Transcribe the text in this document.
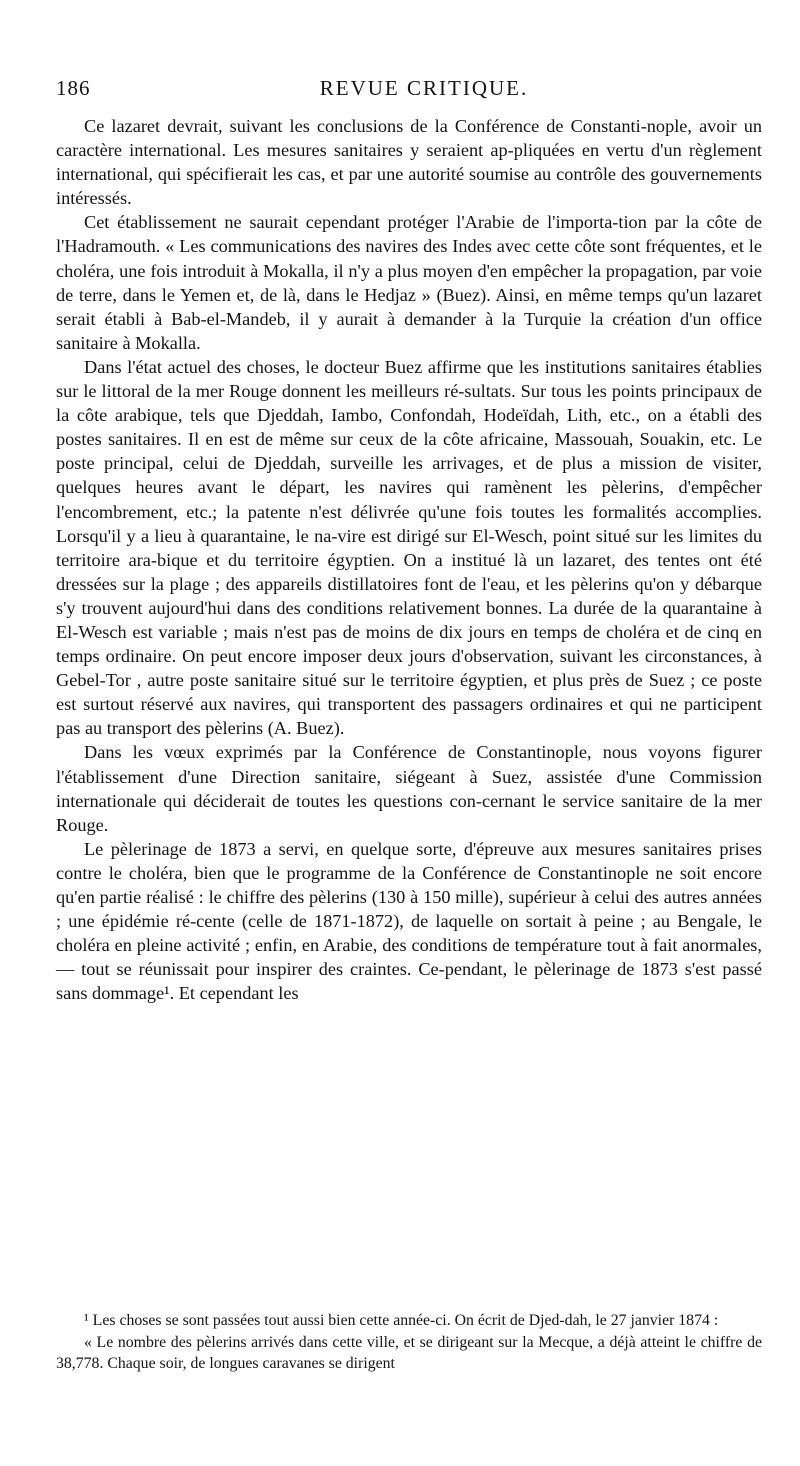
186	REVUE CRITIQUE.

Ce lazaret devrait, suivant les conclusions de la Conférence de Constanti-nople, avoir un caractère international. Les mesures sanitaires y seraient ap-pliquées en vertu d'un règlement international, qui spécifierait les cas, et par une autorité soumise au contrôle des gouvernements intéressés.

Cet établissement ne saurait cependant protéger l'Arabie de l'importa-tion par la côte de l'Hadramouth. « Les communications des navires des Indes avec cette côte sont fréquentes, et le choléra, une fois introduit à Mokalla, il n'y a plus moyen d'en empêcher la propagation, par voie de terre, dans le Yemen et, de là, dans le Hedjaz » (Buez). Ainsi, en même temps qu'un lazaret serait établi à Bab-el-Mandeb, il y aurait à demander à la Turquie la création d'un office sanitaire à Mokalla.

Dans l'état actuel des choses, le docteur Buez affirme que les institutions sanitaires établies sur le littoral de la mer Rouge donnent les meilleurs ré-sultats. Sur tous les points principaux de la côte arabique, tels que Djeddah, Iambo, Confondah, Hodeïdah, Lith, etc., on a établi des postes sanitaires. Il en est de même sur ceux de la côte africaine, Massouah, Souakin, etc. Le poste principal, celui de Djeddah, surveille les arrivages, et de plus a mission de visiter, quelques heures avant le départ, les navires qui ramènent les pèlerins, d'empêcher l'encombrement, etc.; la patente n'est délivrée qu'une fois toutes les formalités accomplies. Lorsqu'il y a lieu à quarantaine, le na-vire est dirigé sur El-Wesch, point situé sur les limites du territoire ara-bique et du territoire égyptien. On a institué là un lazaret, des tentes ont été dressées sur la plage ; des appareils distillatoires font de l'eau, et les pèlerins qu'on y débarque s'y trouvent aujourd'hui dans des conditions relativement bonnes. La durée de la quarantaine à El-Wesch est variable ; mais n'est pas de moins de dix jours en temps de choléra et de cinq en temps ordinaire. On peut encore imposer deux jours d'observation, suivant les circonstances, à Gebel-Tor , autre poste sanitaire situé sur le territoire égyptien, et plus près de Suez ; ce poste est surtout réservé aux navires, qui transportent des passagers ordinaires et qui ne participent pas au transport des pèlerins (A. Buez).

Dans les vœux exprimés par la Conférence de Constantinople, nous voyons figurer l'établissement d'une Direction sanitaire, siégeant à Suez, assistée d'une Commission internationale qui déciderait de toutes les questions con-cernant le service sanitaire de la mer Rouge.

Le pèlerinage de 1873 a servi, en quelque sorte, d'épreuve aux mesures sanitaires prises contre le choléra, bien que le programme de la Conférence de Constantinople ne soit encore qu'en partie réalisé : le chiffre des pèlerins (130 à 150 mille), supérieur à celui des autres années ; une épidémie ré-cente (celle de 1871-1872), de laquelle on sortait à peine ; au Bengale, le choléra en pleine activité ; enfin, en Arabie, des conditions de température tout à fait anormales, — tout se réunissait pour inspirer des craintes. Ce-pendant, le pèlerinage de 1873 s'est passé sans dommage¹. Et cependant les

¹ Les choses se sont passées tout aussi bien cette année-ci. On écrit de Djed-dah, le 27 janvier 1874 :

« Le nombre des pèlerins arrivés dans cette ville, et se dirigeant sur la Mecque, a déjà atteint le chiffre de 38,778. Chaque soir, de longues caravanes se dirigent
